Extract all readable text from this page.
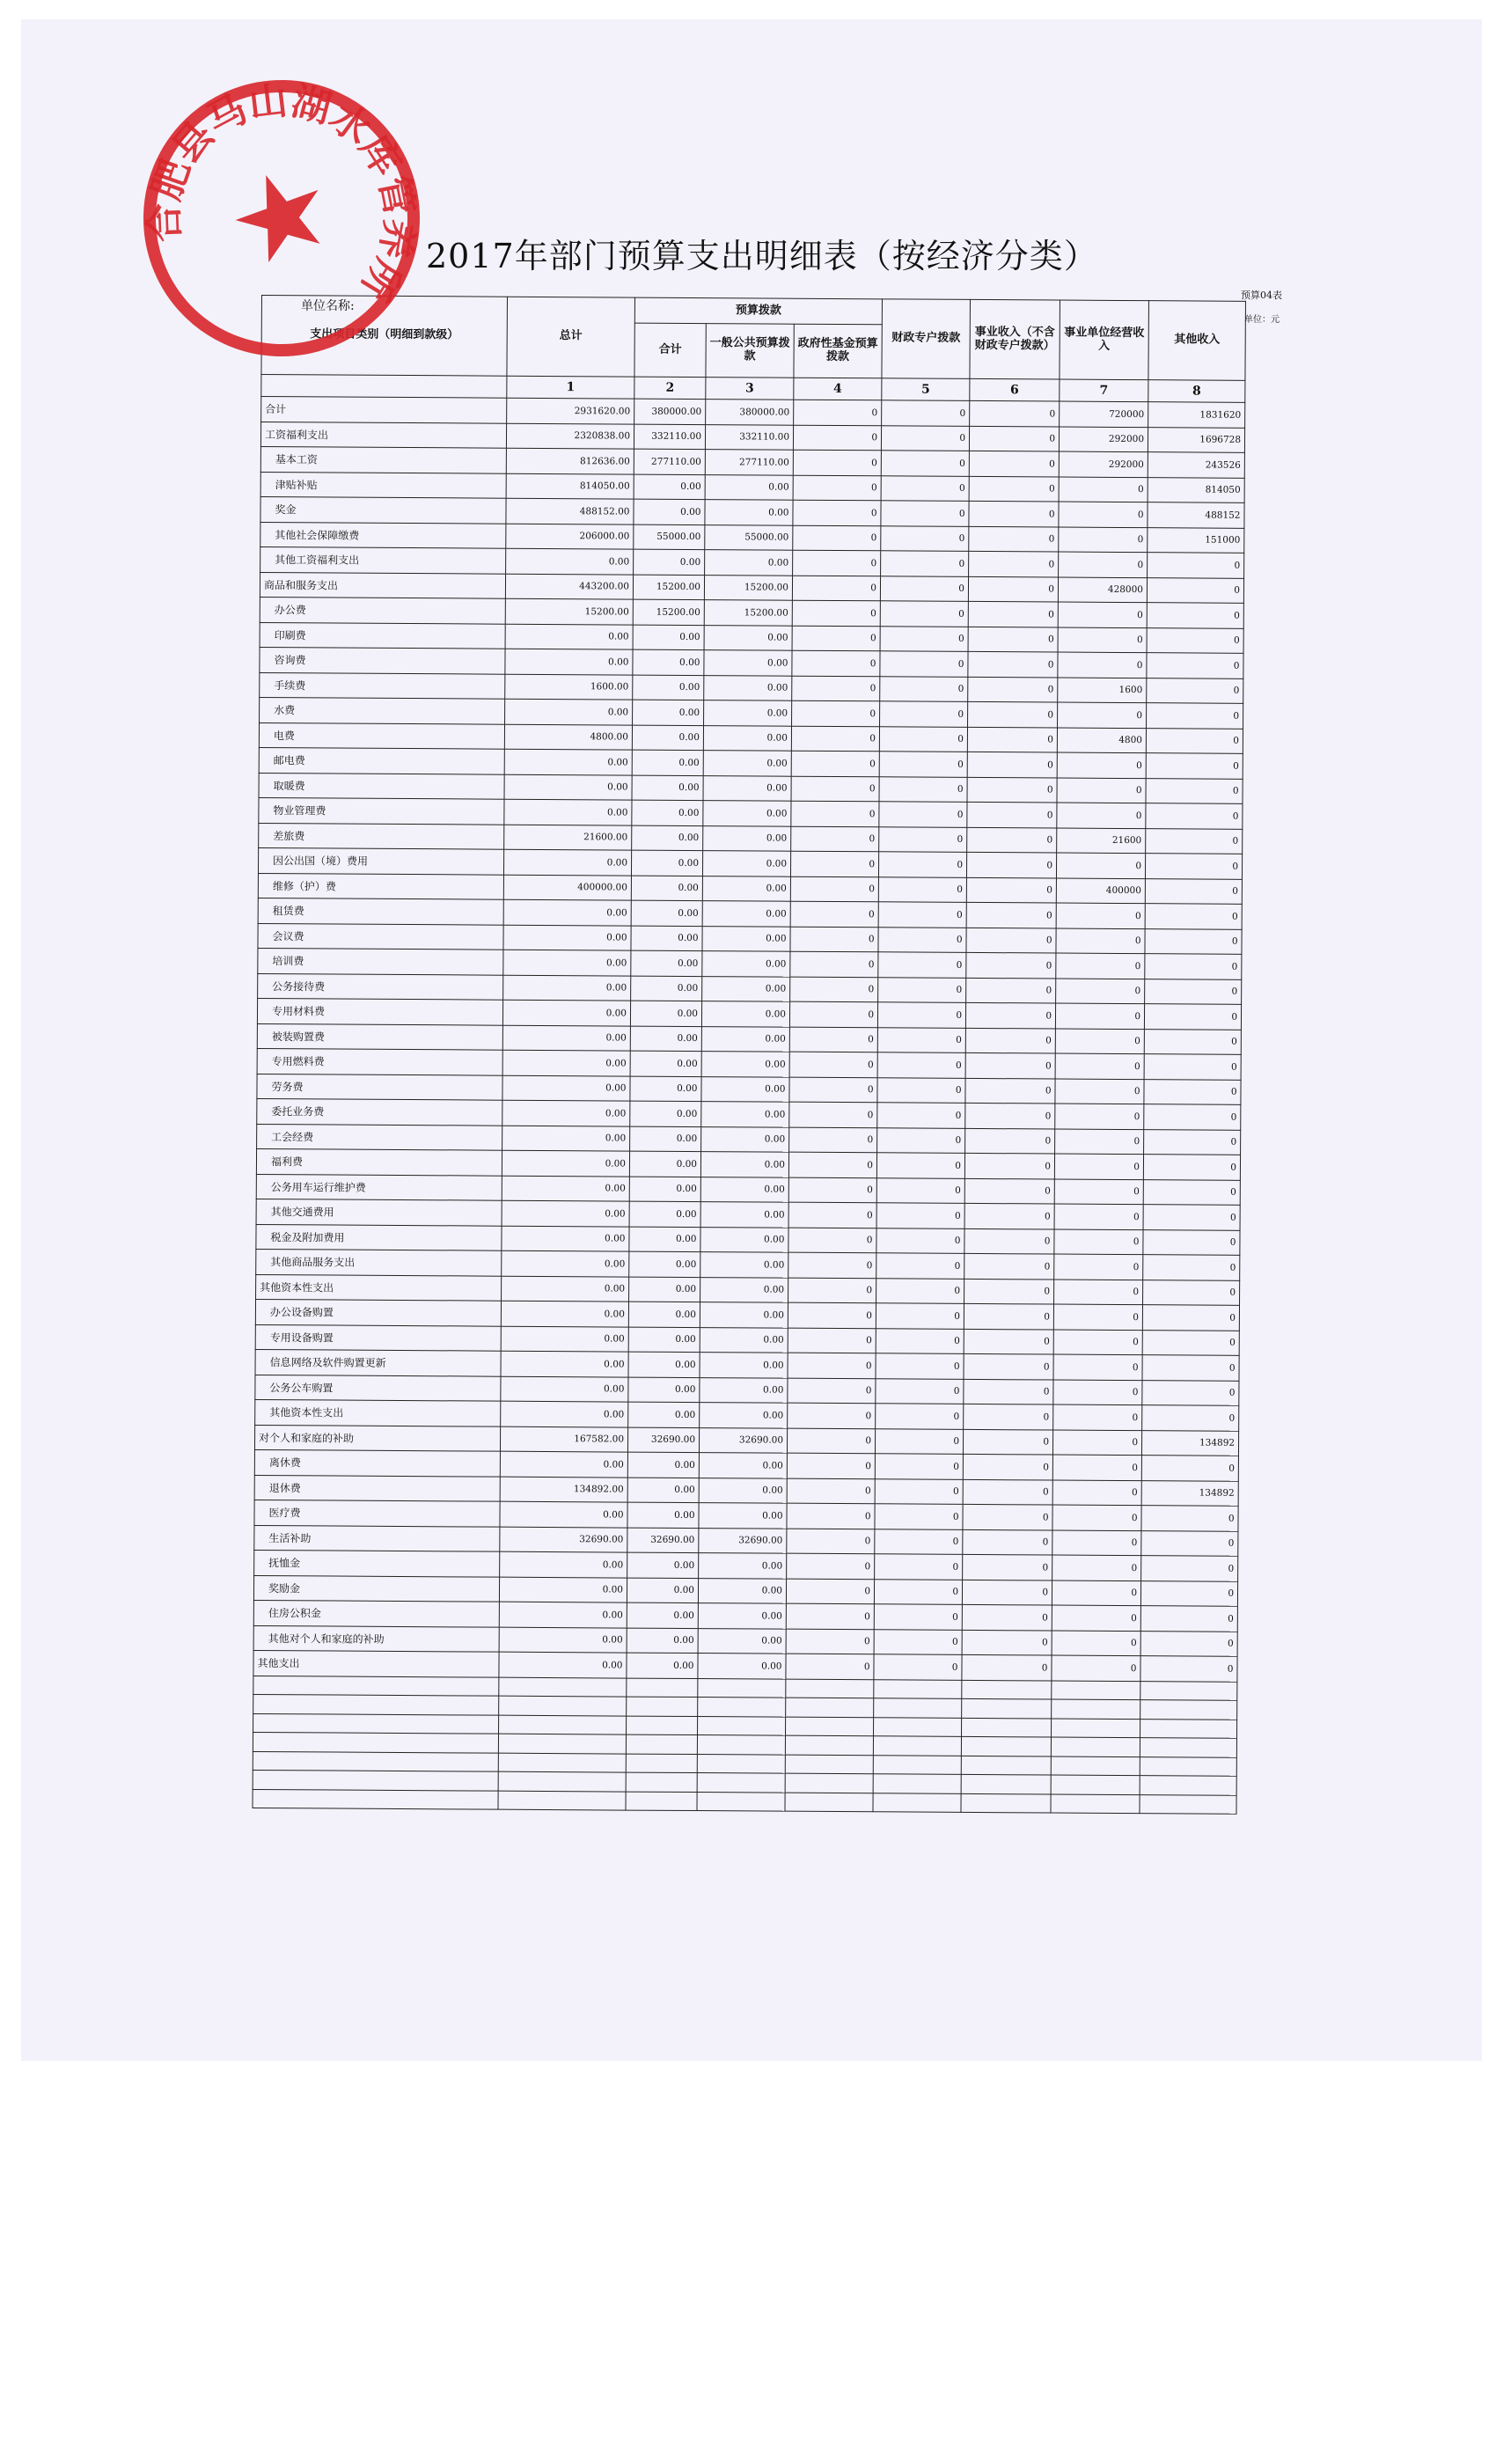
2017年部门预算支出明细表（按经济分类）
预算04表
单位名称:
单位：元
支出项目类别（明细到款级）	总计	预算拨款			财政专户拨款	事业收入（不含财政专户拨款）	事业单位经营收入	其他收入
		合计	一般公共预算拨款	政府性基金预算拨款				
	1	2	3	4	5	6	7	8
合计	2931620.00	380000.00	380000.00	0	0	0	720000	1831620
工资福利支出	2320838.00	332110.00	332110.00	0	0	0	292000	1696728
基本工资	812636.00	277110.00	277110.00	0	0	0	292000	243526
津贴补贴	814050.00	0.00	0.00	0	0	0	0	814050
奖金	488152.00	0.00	0.00	0	0	0	0	488152
其他社会保障缴费	206000.00	55000.00	55000.00	0	0	0	0	151000
其他工资福利支出	0.00	0.00	0.00	0	0	0	0	0
商品和服务支出	443200.00	15200.00	15200.00	0	0	0	428000	0
办公费	15200.00	15200.00	15200.00	0	0	0	0	0
印刷费	0.00	0.00	0.00	0	0	0	0	0
咨询费	0.00	0.00	0.00	0	0	0	0	0
手续费	1600.00	0.00	0.00	0	0	0	1600	0
水费	0.00	0.00	0.00	0	0	0	0	0
电费	4800.00	0.00	0.00	0	0	0	4800	0
邮电费	0.00	0.00	0.00	0	0	0	0	0
取暖费	0.00	0.00	0.00	0	0	0	0	0
物业管理费	0.00	0.00	0.00	0	0	0	0	0
差旅费	21600.00	0.00	0.00	0	0	0	21600	0
因公出国（境）费用	0.00	0.00	0.00	0	0	0	0	0
维修（护）费	400000.00	0.00	0.00	0	0	0	400000	0
租赁费	0.00	0.00	0.00	0	0	0	0	0
会议费	0.00	0.00	0.00	0	0	0	0	0
培训费	0.00	0.00	0.00	0	0	0	0	0
公务接待费	0.00	0.00	0.00	0	0	0	0	0
专用材料费	0.00	0.00	0.00	0	0	0	0	0
被装购置费	0.00	0.00	0.00	0	0	0	0	0
专用燃料费	0.00	0.00	0.00	0	0	0	0	0
劳务费	0.00	0.00	0.00	0	0	0	0	0
委托业务费	0.00	0.00	0.00	0	0	0	0	0
工会经费	0.00	0.00	0.00	0	0	0	0	0
福利费	0.00	0.00	0.00	0	0	0	0	0
公务用车运行维护费	0.00	0.00	0.00	0	0	0	0	0
其他交通费用	0.00	0.00	0.00	0	0	0	0	0
税金及附加费用	0.00	0.00	0.00	0	0	0	0	0
其他商品服务支出	0.00	0.00	0.00	0	0	0	0	0
其他资本性支出	0.00	0.00	0.00	0	0	0	0	0
办公设备购置	0.00	0.00	0.00	0	0	0	0	0
专用设备购置	0.00	0.00	0.00	0	0	0	0	0
信息网络及软件购置更新	0.00	0.00	0.00	0	0	0	0	0
公务公车购置	0.00	0.00	0.00	0	0	0	0	0
其他资本性支出	0.00	0.00	0.00	0	0	0	0	0
对个人和家庭的补助	167582.00	32690.00	32690.00	0	0	0	0	134892
离休费	0.00	0.00	0.00	0	0	0	0	0
退休费	134892.00	0.00	0.00	0	0	0	0	134892
医疗费	0.00	0.00	0.00	0	0	0	0	0
生活补助	32690.00	32690.00	32690.00	0	0	0	0	0
抚恤金	0.00	0.00	0.00	0	0	0	0	0
奖励金	0.00	0.00	0.00	0	0	0	0	0
住房公积金	0.00	0.00	0.00	0	0	0	0	0
其他对个人和家庭的补助	0.00	0.00	0.00	0	0	0	0	0
其他支出	0.00	0.00	0.00	0	0	0	0	0

合肥县马山湖水库管养所
